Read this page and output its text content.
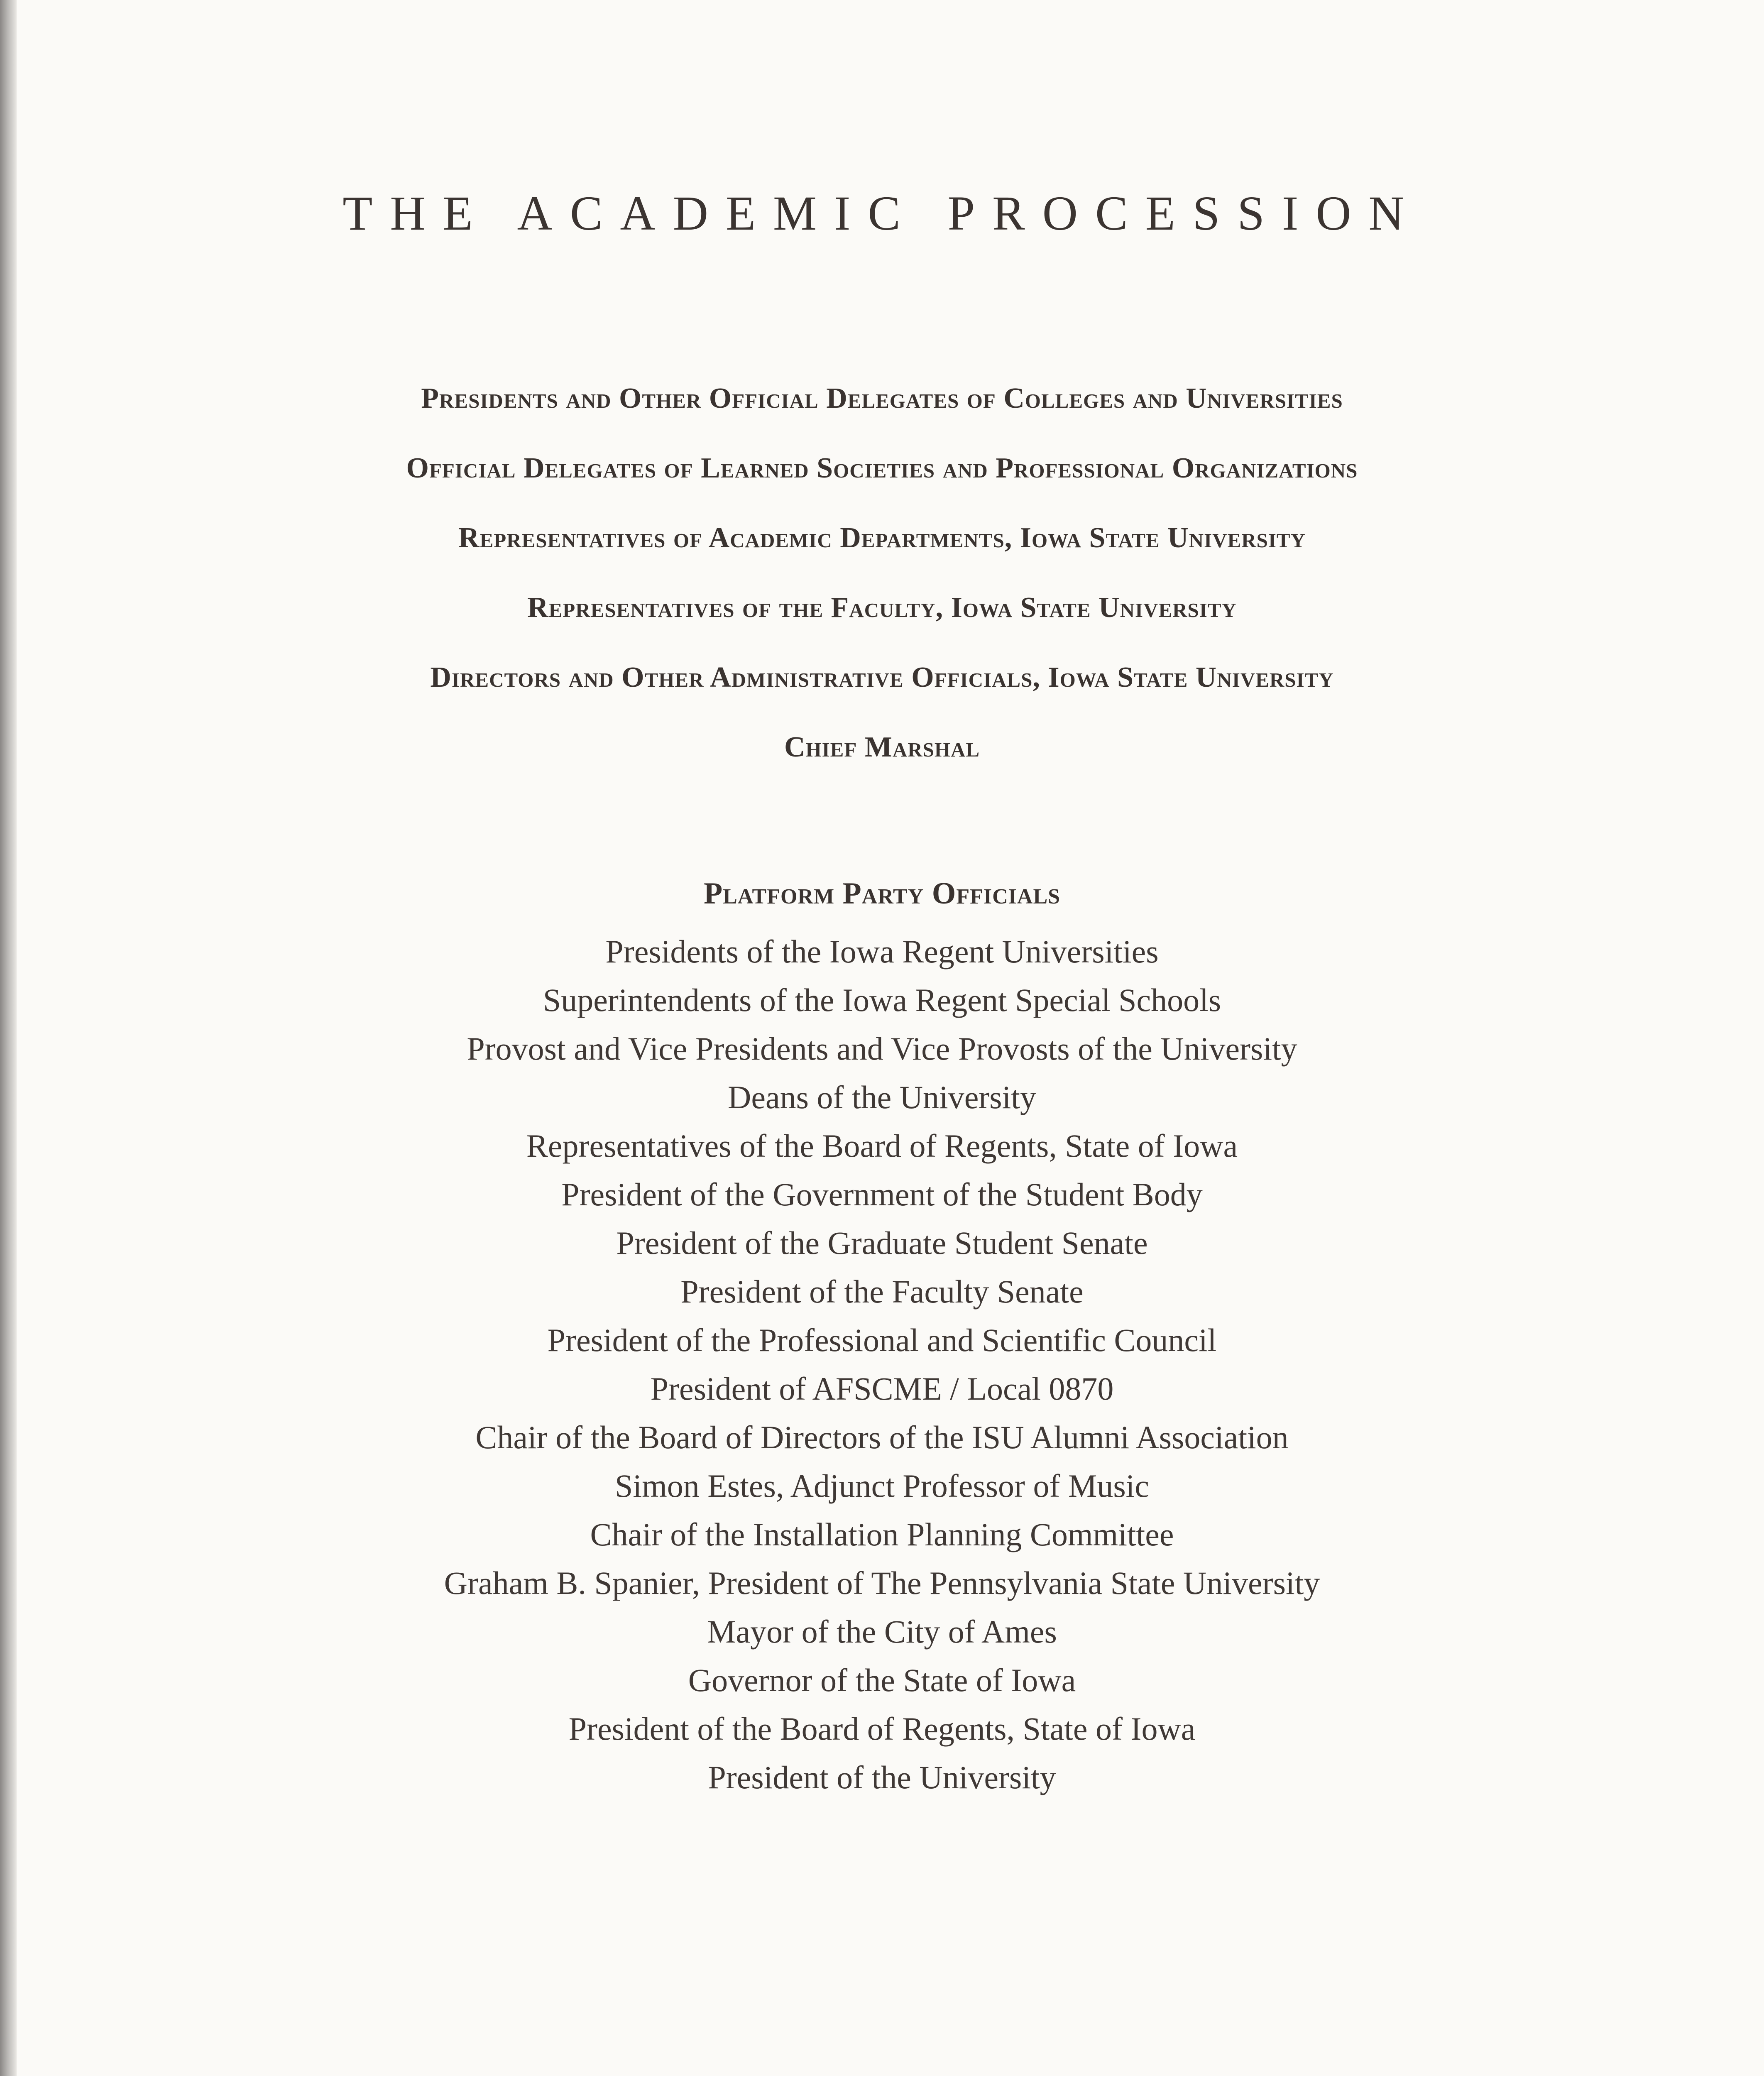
THE ACADEMIC PROCESSION
Presidents and Other Official Delegates of Colleges and Universities
Official Delegates of Learned Societies and Professional Organizations
Representatives of Academic Departments, Iowa State University
Representatives of the Faculty, Iowa State University
Directors and Other Administrative Officials, Iowa State University
Chief Marshal
Platform Party Officials
Presidents of the Iowa Regent Universities
Superintendents of the Iowa Regent Special Schools
Provost and Vice Presidents and Vice Provosts of the University
Deans of the University
Representatives of the Board of Regents, State of Iowa
President of the Government of the Student Body
President of the Graduate Student Senate
President of the Faculty Senate
President of the Professional and Scientific Council
President of AFSCME / Local 0870
Chair of the Board of Directors of the ISU Alumni Association
Simon Estes, Adjunct Professor of Music
Chair of the Installation Planning Committee
Graham B. Spanier, President of The Pennsylvania State University
Mayor of the City of Ames
Governor of the State of Iowa
President of the Board of Regents, State of Iowa
President of the University
